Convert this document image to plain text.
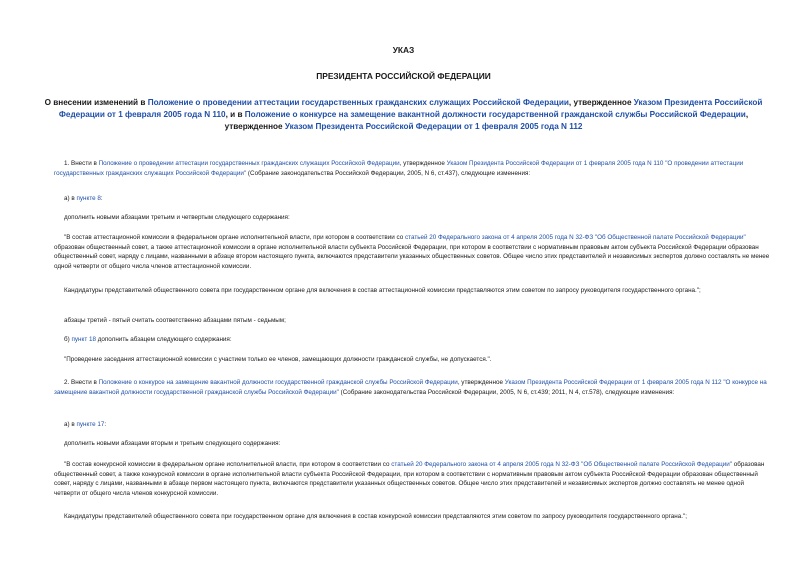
УКАЗ
ПРЕЗИДЕНТА РОССИЙСКОЙ ФЕДЕРАЦИИ
О внесении изменений в Положение о проведении аттестации государственных гражданских служащих Российской Федерации, утвержденное Указом Президента Российской Федерации от 1 февраля 2005 года N 110, и в Положение о конкурсе на замещение вакантной должности государственной гражданской службы Российской Федерации, утвержденное Указом Президента Российской Федерации от 1 февраля 2005 года N 112
1. Внести в Положение о проведении аттестации государственных гражданских служащих Российской Федерации, утвержденное Указом Президента Российской Федерации от 1 февраля 2005 года N 110 "О проведении аттестации государственных гражданских служащих Российской Федерации" (Собрание законодательства Российской Федерации, 2005, N 6, ст.437), следующие изменения:
а) в пункте 8:
дополнить новыми абзацами третьим и четвертым следующего содержания:
"В состав аттестационной комиссии в федеральном органе исполнительной власти, при котором в соответствии со статьей 20 Федерального закона от 4 апреля 2005 года N 32-ФЗ "Об Общественной палате Российской Федерации" образован общественный совет, а также аттестационной комиссии в органе исполнительной власти субъекта Российской Федерации, при котором в соответствии с нормативным правовым актом субъекта Российской Федерации образован общественный совет, наряду с лицами, названными в абзаце втором настоящего пункта, включаются представители указанных общественных советов. Общее число этих представителей и независимых экспертов должно составлять не менее одной четверти от общего числа членов аттестационной комиссии.
Кандидатуры представителей общественного совета при государственном органе для включения в состав аттестационной комиссии представляются этим советом по запросу руководителя государственного органа.";
абзацы третий - пятый считать соответственно абзацами пятым - седьмым;
б) пункт 18 дополнить абзацем следующего содержания:
"Проведение заседания аттестационной комиссии с участием только ее членов, замещающих должности гражданской службы, не допускается.".
2. Внести в Положение о конкурсе на замещение вакантной должности государственной гражданской службы Российской Федерации, утвержденное Указом Президента Российской Федерации от 1 февраля 2005 года N 112 "О конкурсе на замещение вакантной должности государственной гражданской службы Российской Федерации" (Собрание законодательства Российской Федерации, 2005, N 6, ст.439; 2011, N 4, ст.578), следующие изменения:
а) в пункте 17:
дополнить новыми абзацами вторым и третьим следующего содержания:
"В состав конкурсной комиссии в федеральном органе исполнительной власти, при котором в соответствии со статьей 20 Федерального закона от 4 апреля 2005 года N 32-ФЗ "Об Общественной палате Российской Федерации" образован общественный совет, а также конкурсной комиссии в органе исполнительной власти субъекта Российской Федерации, при котором в соответствии с нормативным правовым актом субъекта Российской Федерации образован общественный совет, наряду с лицами, названными в абзаце первом настоящего пункта, включаются представители указанных общественных советов. Общее число этих представителей и независимых экспертов должно составлять не менее одной четверти от общего числа членов конкурсной комиссии.
Кандидатуры представителей общественного совета при государственном органе для включения в состав конкурсной комиссии представляются этим советом по запросу руководителя государственного органа.";
